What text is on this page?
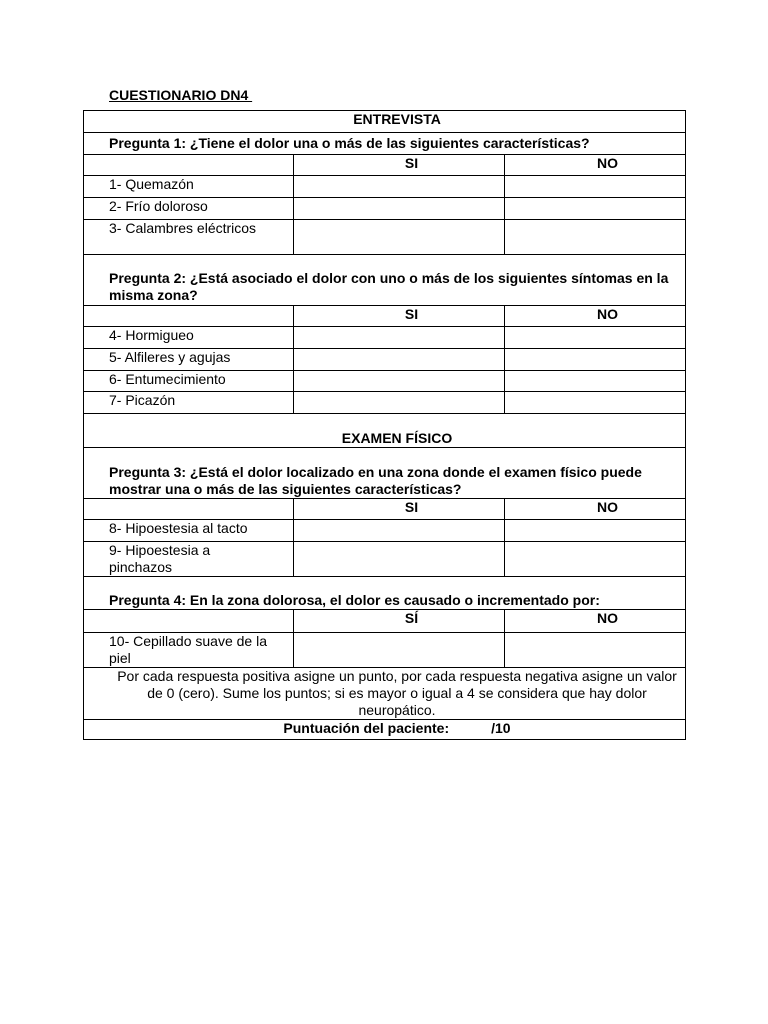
CUESTIONARIO DN4
ENTREVISTA		
Pregunta 1: ¿Tiene el dolor una o más de las siguientes características?		
	SI	NO
1- Quemazón		
2- Frío doloroso		
3- Calambres eléctricos		

Pregunta 2: ¿Está asociado el dolor con uno o más de los siguientes síntomas en la misma zona?		

	SI	NO
4- Hormigueo		
5- Alfileres y agujas		
6- Entumecimiento		
7- Picazón		
EXAMEN FÍSICO		

Pregunta 3: ¿Está el dolor localizado en una zona donde el examen físico puede mostrar una o más de las siguientes características?		

	SI	NO
8- Hipoestesia al tacto		
9- Hipoestesia a pinchazos		
Pregunta 4: En la zona dolorosa, el dolor es causado o incrementado por:		
	SÍ	NO
10- Cepillado suave de la piel		
Por cada respuesta positiva asigne un punto, por cada respuesta negativa asigne un valor de 0 (cero). Sume los puntos; si es mayor o igual a 4 se considera que hay dolor neuropático.		
Puntuación del paciente: /10		
